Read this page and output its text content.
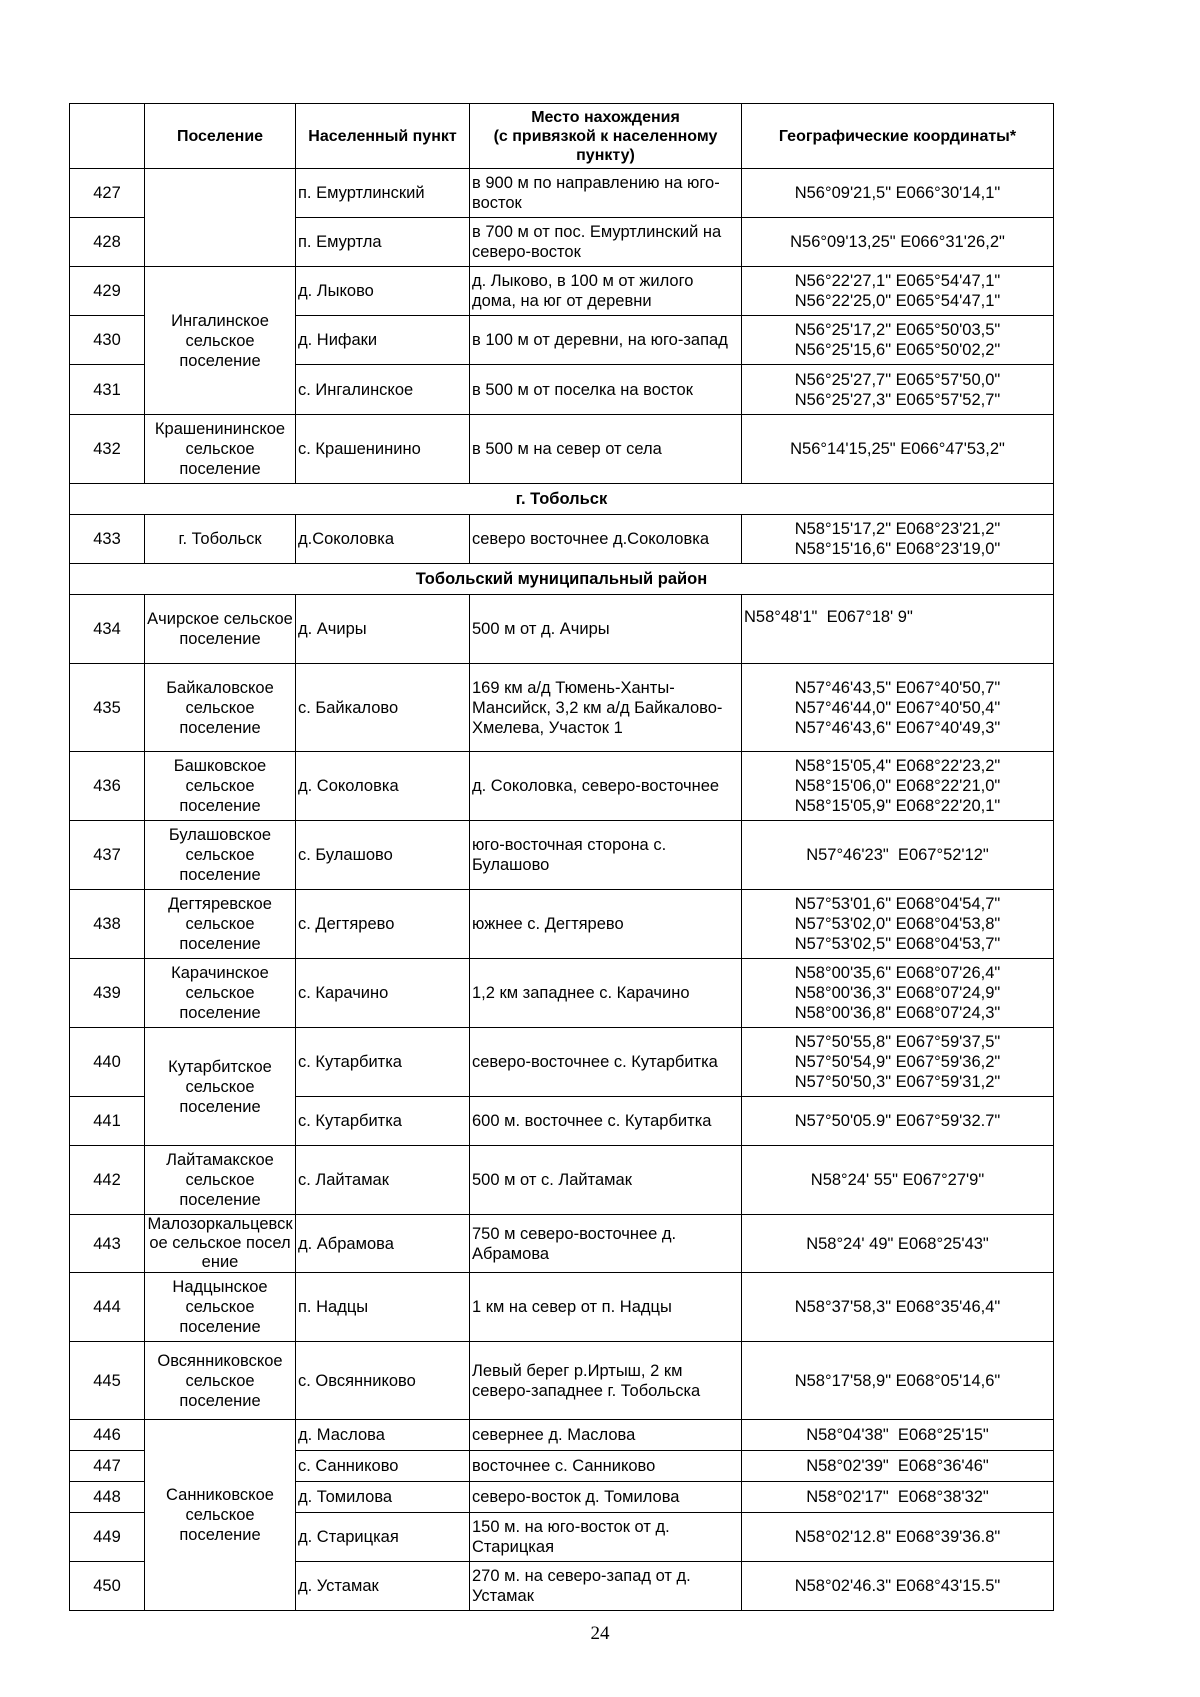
	Поселение	Населенный пункт	Место нахождения
(с привязкой к населенному пункту)	Географические координаты*
427		п. Емуртлинский	в 900 м по направлению на юго-восток	N56°09'21,5" E066°30'14,1"

428		п. Емуртла	в 700 м от пос. Емуртлинский на северо-восток	N56°09'13,25" E066°31'26,2"

429	Ингалинское сельское поселение	д. Лыково	д. Лыково, в 100 м от жилого дома, на юг от деревни	N56°22'27,1" E065°54'47,1"
N56°22'25,0" E065°54'47,1"

430		д. Нифаки	в 100 м от деревни, на юго-запад	N56°25'17,2" E065°50'03,5"
N56°25'15,6" E065°50'02,2"

431		с. Ингалинское	в 500 м от поселка на восток	N56°25'27,7" E065°57'50,0"
N56°25'27,3" E065°57'52,7"

432	Крашенининское сельское поселение	с. Крашенинино	в 500 м на север от села	N56°14'15,25" E066°47'53,2"

г. Тобольск				
433	г. Тобольск	д.Соколовка	северо восточнее д.Соколовка	N58°15'17,2" E068°23'21,2"
N58°15'16,6" E068°23'19,0"

Тобольский муниципальный район				
434	Ачирское сельское поселение	д. Ачиры	500 м от д. Ачиры	N58°48'1"  E067°18' 9"

435	Байкаловское сельское поселение	с. Байкалово	169 км а/д Тюмень-Ханты-Мансийск, 3,2 км а/д Байкалово-Хмелева, Участок 1	N57°46'43,5" E067°40'50,7"
N57°46'44,0" E067°40'50,4"
N57°46'43,6" E067°40'49,3"

436	Башковское сельское поселение	д. Соколовка	д. Соколовка, северо-восточнее	N58°15'05,4" E068°22'23,2"
N58°15'06,0" E068°22'21,0"
N58°15'05,9" E068°22'20,1"

437	Булашовское сельское поселение	с. Булашово	юго-восточная сторона с. Булашово	N57°46'23"  E067°52'12"

438	Дегтяревское сельское поселение	с. Дегтярево	южнее с. Дегтярево	N57°53'01,6" E068°04'54,7"
N57°53'02,0" E068°04'53,8"
N57°53'02,5" E068°04'53,7"

439	Карачинское сельское поселение	с. Карачино	1,2 км западнее с. Карачино	N58°00'35,6" E068°07'26,4"
N58°00'36,3" E068°07'24,9"
N58°00'36,8" E068°07'24,3"

440	Кутарбитское сельское поселение	с. Кутарбитка	северо-восточнее с. Кутарбитка	N57°50'55,8" E067°59'37,5"
N57°50'54,9" E067°59'36,2"
N57°50'50,3" E067°59'31,2"

441		с. Кутарбитка	600 м. восточнее с. Кутарбитка	N57°50'05.9" E067°59'32.7"

442	Лайтамакское сельское поселение	с. Лайтамак	500 м от с. Лайтамак	N58°24' 55" E067°27'9"

443	Малозоркальцевское сельское поселение	д. Абрамова	750 м северо-восточнее д. Абрамова	N58°24' 49" E068°25'43"

444	Надцынское сельское поселение	п. Надцы	1 км на север от п. Надцы	N58°37'58,3" E068°35'46,4"

445	Овсянниковское сельское поселение	с. Овсянниково	Левый берег р.Иртыш, 2 км северо-западнее г. Тобольска	N58°17'58,9" E068°05'14,6"

446	Санниковское сельское поселение	д. Маслова	севернее д. Маслова	N58°04'38"  E068°25'15"

447		с. Санниково	восточнее с. Санниково	N58°02'39"  E068°36'46"

448		д. Томилова	северо-восток д. Томилова	N58°02'17"  E068°38'32"

449		д. Старицкая	150 м. на юго-восток от д. Старицкая	N58°02'12.8" E068°39'36.8"

450		д. Устамак	270 м. на северо-запад от д. Устамак	N58°02'46.3" E068°43'15.5"
24
